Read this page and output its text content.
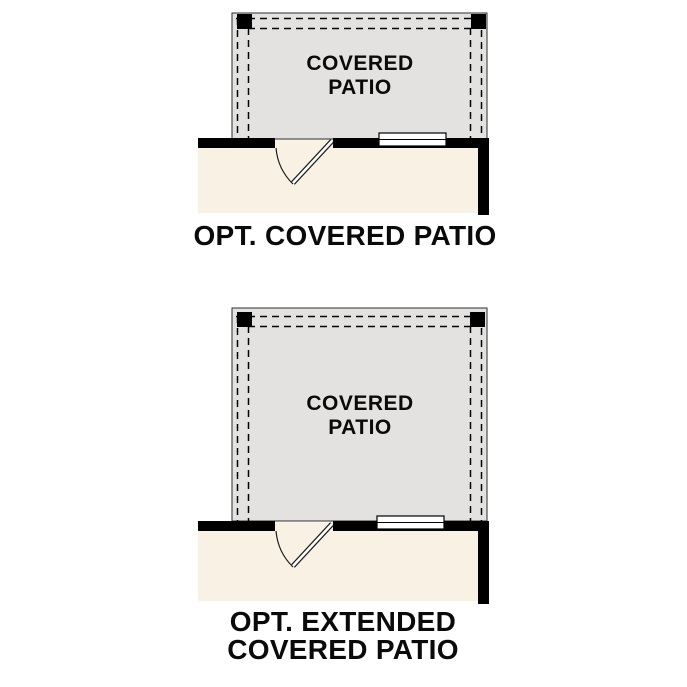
COVERED PATIO
OPT. COVERED PATIO
COVERED PATIO
OPT. EXTENDED COVERED PATIO
